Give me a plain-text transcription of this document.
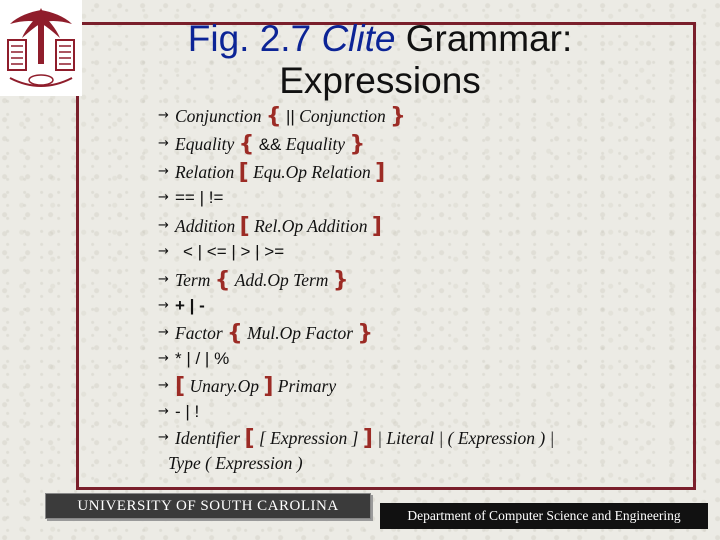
Fig. 2.7 Clite Grammar:
Expressions
→ Conjunction { || Conjunction }
→ Equality { && Equality }
→ Relation [ Equ.Op Relation ]
→ == | !=
→ Addition [ Rel.Op Addition ]
→ < | <= | > | >=
→ Term { Add.Op Term }
→ + | -
→ Factor { Mul.Op Factor }
→ * | / | %
→ [ Unary.Op ] Primary
→ - | !
→ Identifier [ [ Expression ] ] | Literal | ( Expression ) |
Type ( Expression )
UNIVERSITY OF SOUTH CAROLINA
Department of Computer Science and Engineering
